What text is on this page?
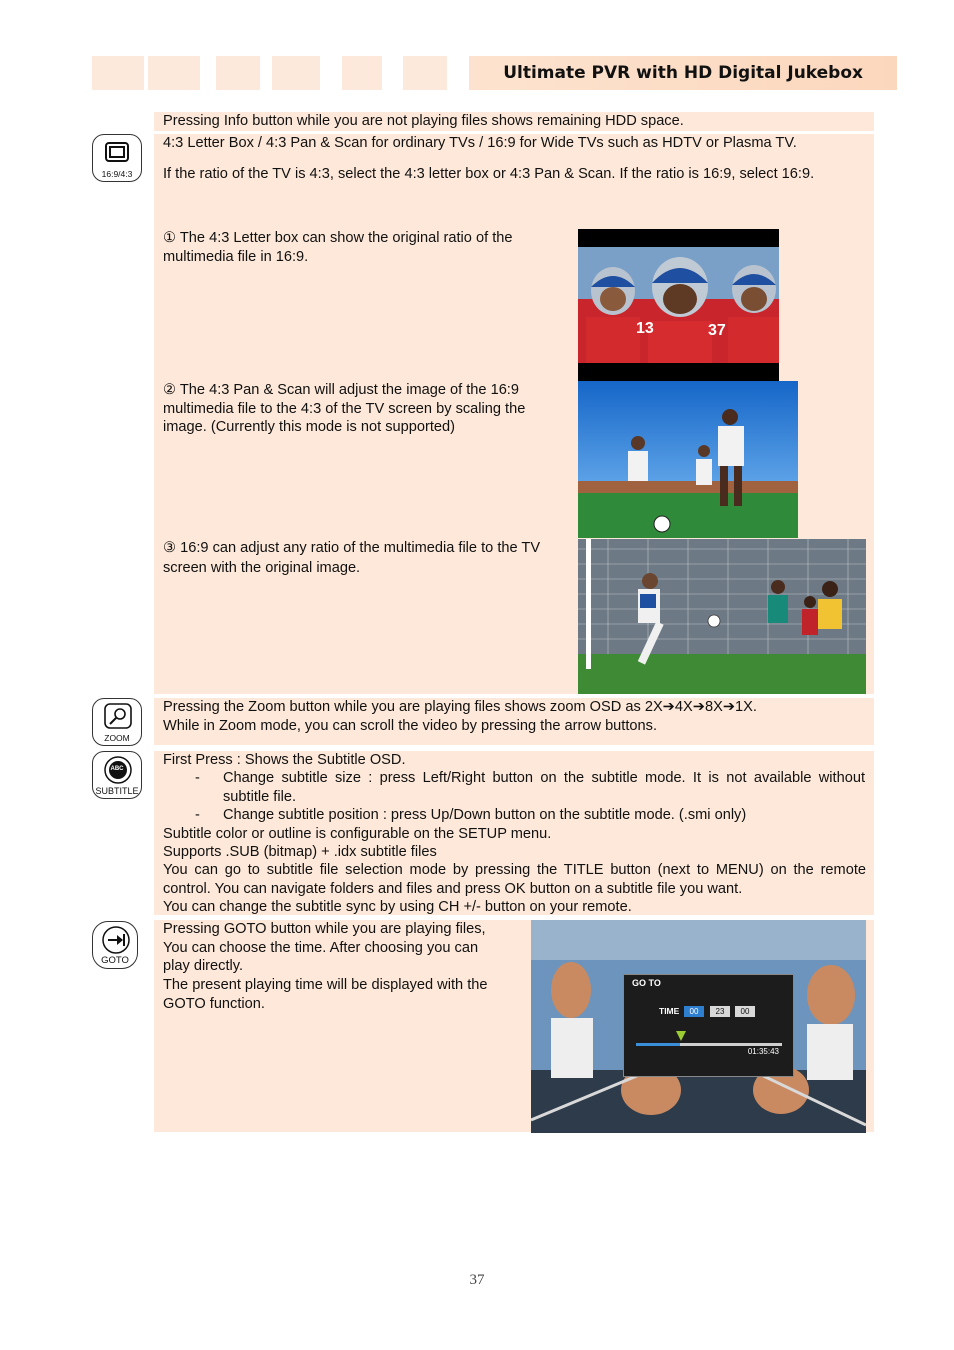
Ultimate PVR with HD Digital Jukebox
Pressing Info button while you are not playing files shows remaining HDD space.
16:9/4:3
4:3 Letter Box / 4:3 Pan & Scan for ordinary TVs / 16:9 for Wide TVs such as HDTV or Plasma TV.
If the ratio of the TV is 4:3, select the 4:3 letter box or 4:3 Pan & Scan. If the ratio is 16:9, select 16:9.
① The 4:3 Letter box can show the original ratio of the multimedia file in 16:9.
② The 4:3 Pan & Scan will adjust the image of the 16:9 multimedia file to the 4:3 of the TV screen by scaling the image. (Currently this mode is not supported)
③ 16:9 can adjust any ratio of the multimedia file to the TV screen with the original image.
13	37
ZOOM
Pressing the Zoom button while you are playing files shows zoom OSD as 2X➔4X➔8X➔1X.
While in Zoom mode, you can scroll the video by pressing the arrow buttons.
ABC
SUBTITLE
First Press : Shows the Subtitle OSD.
- Change subtitle size : press Left/Right button on the subtitle mode. It is not available without subtitle file.
- Change subtitle position : press Up/Down button on the subtitle mode. (.smi only)
Subtitle color or outline is configurable on the SETUP menu.
Supports .SUB (bitmap) + .idx subtitle files
You can go to subtitle file selection mode by pressing the TITLE button (next to MENU) on the remote control. You can navigate folders and files and press OK button on a subtitle file you want.
You can change the subtitle sync by using CH +/- button on your remote.
GOTO
Pressing GOTO button while you are playing files, You can choose the time. After choosing you can play directly.
The present playing time will be displayed with the GOTO function.
GO TO
TIME	00	23	00
01:35:43
37
